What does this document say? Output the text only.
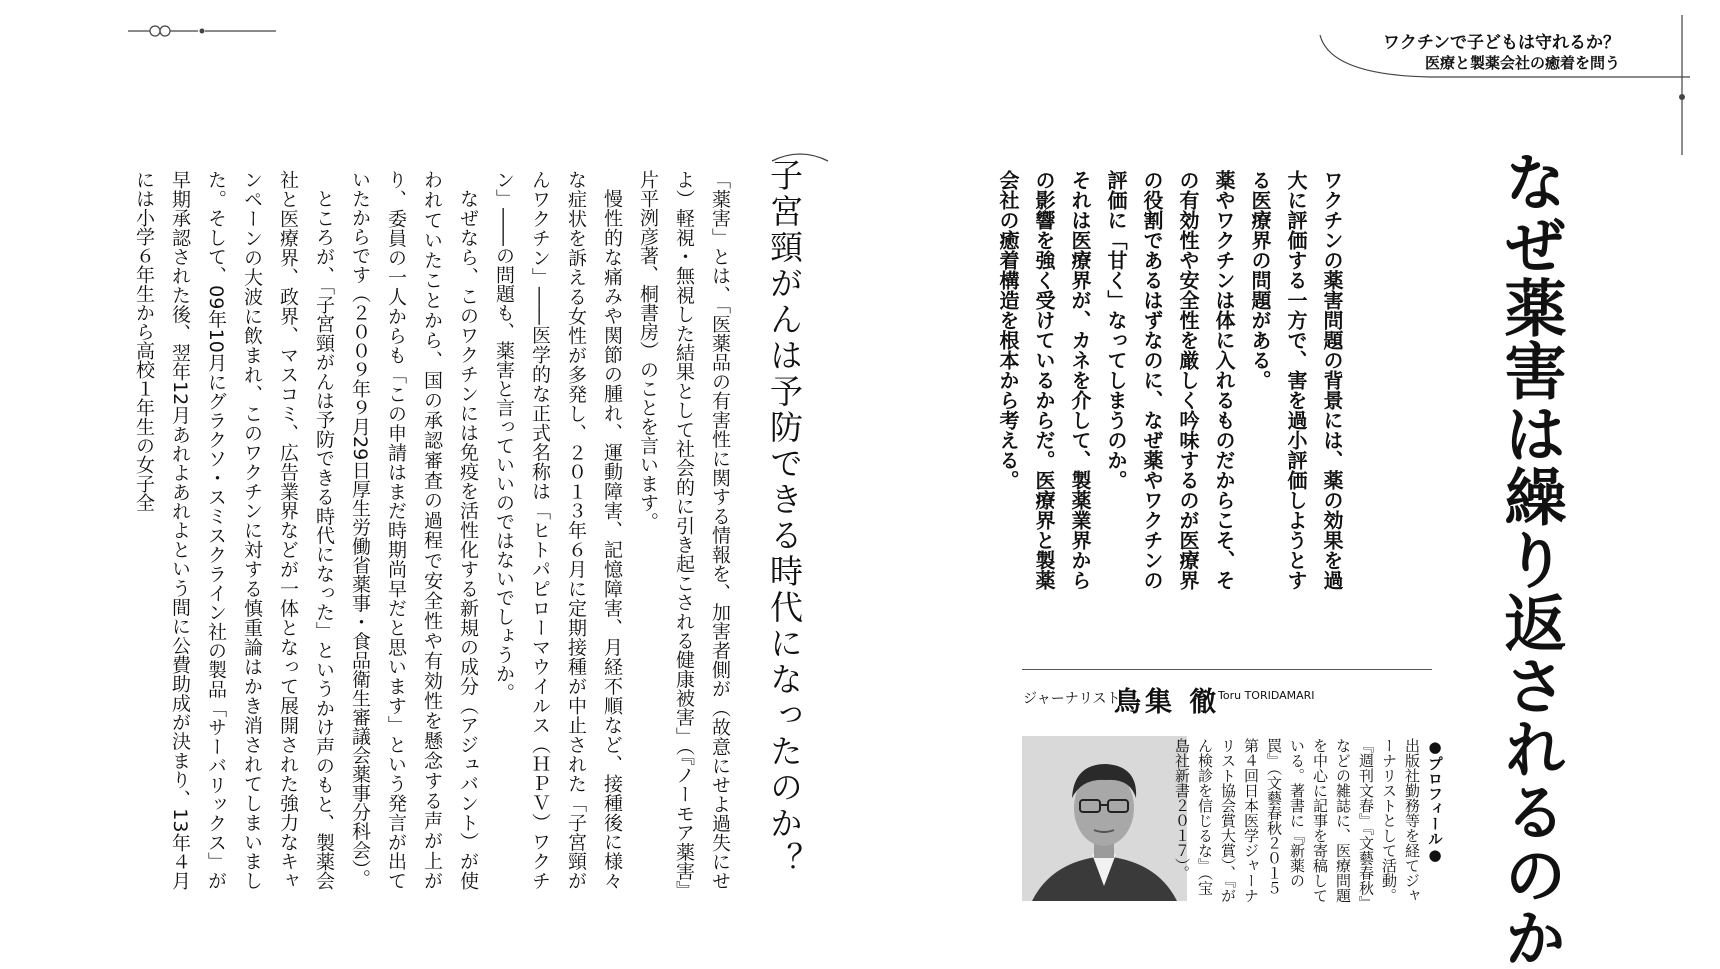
ワクチンで子どもは守れるか？
医療と製薬会社の癒着を問う
なぜ薬害は繰り返されるのか

ワクチンの薬害問題の背景には、薬の効果を過大に評価する一方で、害を過小評価しようとする医療界の問題がある。

薬やワクチンは体に入れるものだからこそ、その有効性や安全性を厳しく吟味するのが医療界の役割であるはずなのに、なぜ薬やワクチンの評価に「甘く」なってしまうのか。

それは医療界が、カネを介して、製薬業界からの影響を強く受けているからだ。医療界と製薬会社の癒着構造を根本から考える。

ジャーナリスト
鳥集 徹
Toru TORIDAMARI

●プロフィール●

出版社勤務等を経てジャーナリストとして活動。『週刊文春』『文藝春秋』などの雑誌に、医療問題を中心に記事を寄稿している。著書に『新薬の罠』（文藝春秋２０１５第４回日本医学ジャーナリスト協会賞大賞）、『がん検診を信じるな』（宝島社新書２０１７）。

子宮頸がんは予防できる時代になったのか？

「薬害」とは、「医薬品の有害性に関する情報を、加害者側が（故意にせよ過失にせよ）軽視・無視した結果として社会的に引き起こされる健康被害」（『ノーモア薬害』片平洌彦著、桐書房）のことを言います。

慢性的な痛みや関節の腫れ、運動障害、記憶障害、月経不順など、接種後に様々な症状を訴える女性が多発し、２０１３年６月に定期接種が中止された「子宮頸がんワクチン」――医学的な正式名称は「ヒトパピローマウイルス（ＨＰＶ）ワクチン」――の問題も、薬害と言っていいのではないでしょうか。

なぜなら、このワクチンには免疫を活性化する新規の成分（アジュバント）が使われていたことから、国の承認審査の過程で安全性や有効性を懸念する声が上がり、委員の一人からも「この申請はまだ時期尚早だと思います」という発言が出ていたからです（２００９年９月29日厚生労働省薬事・食品衛生審議会薬事分科会）。

ところが、「子宮頸がんは予防できる時代になった」というかけ声のもと、製薬会社と医療界、政界、マスコミ、広告業界などが一体となって展開された強力なキャンペーンの大波に飲まれ、このワクチンに対する慎重論はかき消されてしまいました。そして、09年10月にグラクソ・スミスクライン社の製品「サーバリックス」が早期承認された後、翌年12月あれよあれよという間に公費助成が決まり、13年４月には小学６年生から高校１年生の女子全
